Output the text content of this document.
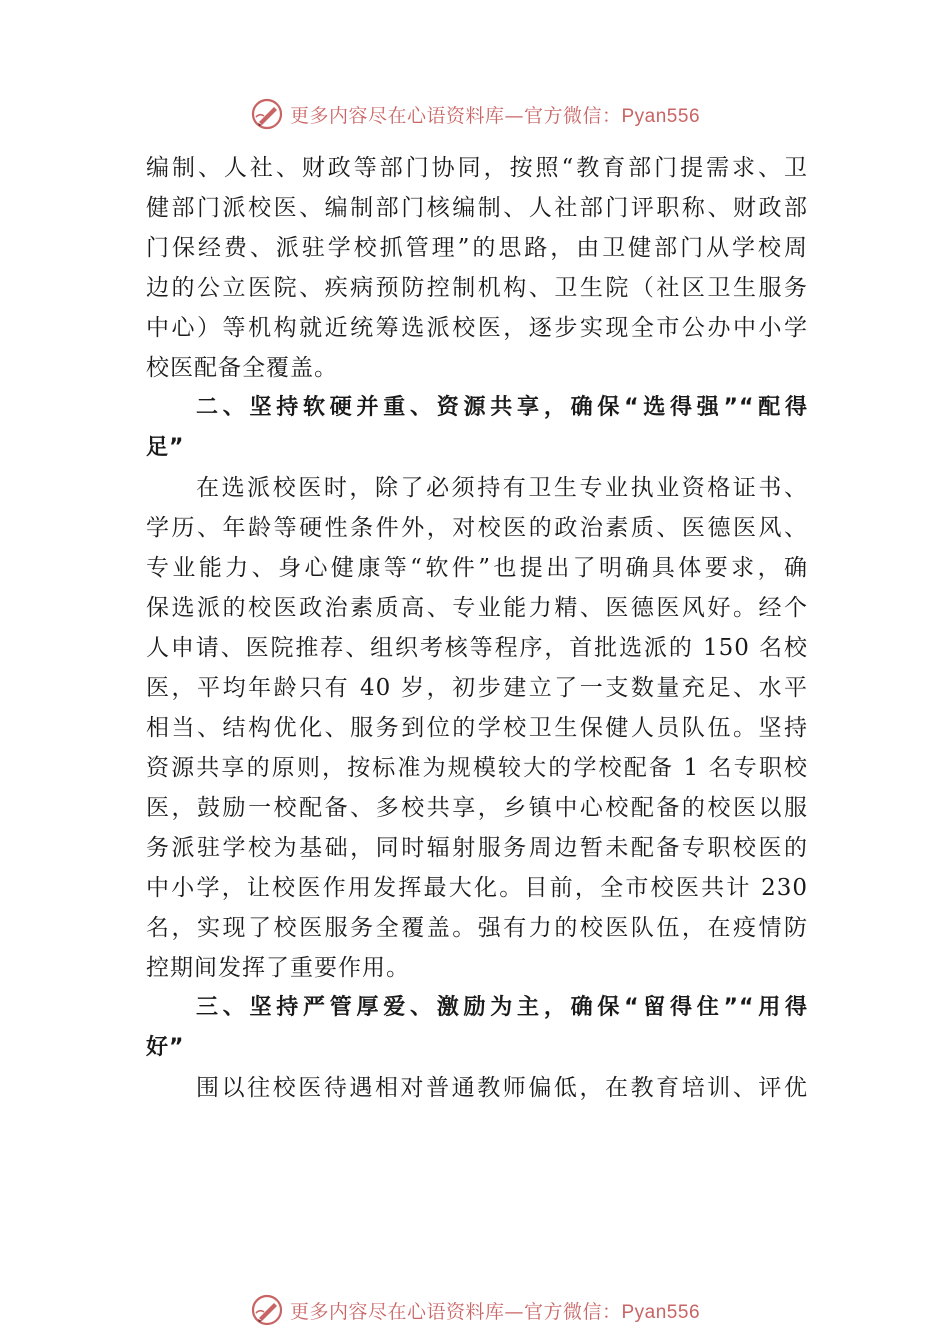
更多内容尽在心语资料库—官方微信：Pyan556
编制、人社、财政等部门协同，按照“教育部门提需求、卫
健部门派校医、编制部门核编制、人社部门评职称、财政部
门保经费、派驻学校抓管理”的思路，由卫健部门从学校周
边的公立医院、疾病预防控制机构、卫生院（社区卫生服务
中心）等机构就近统筹选派校医，逐步实现全市公办中小学
校医配备全覆盖。
二、坚持软硬并重、资源共享，确保“选得强”“配得
足”
在选派校医时，除了必须持有卫生专业执业资格证书、
学历、年龄等硬性条件外，对校医的政治素质、医德医风、
专业能力、身心健康等“软件”也提出了明确具体要求，确
保选派的校医政治素质高、专业能力精、医德医风好。经个
人申请、医院推荐、组织考核等程序，首批选派的 150 名校
医，平均年龄只有 40 岁，初步建立了一支数量充足、水平
相当、结构优化、服务到位的学校卫生保健人员队伍。坚持
资源共享的原则，按标准为规模较大的学校配备 1 名专职校
医，鼓励一校配备、多校共享，乡镇中心校配备的校医以服
务派驻学校为基础，同时辐射服务周边暂未配备专职校医的
中小学，让校医作用发挥最大化。目前，全市校医共计 230
名，实现了校医服务全覆盖。强有力的校医队伍，在疫情防
控期间发挥了重要作用。
三、坚持严管厚爱、激励为主，确保“留得住”“用得
好”
围以往校医待遇相对普通教师偏低，在教育培训、评优
更多内容尽在心语资料库—官方微信：Pyan556
